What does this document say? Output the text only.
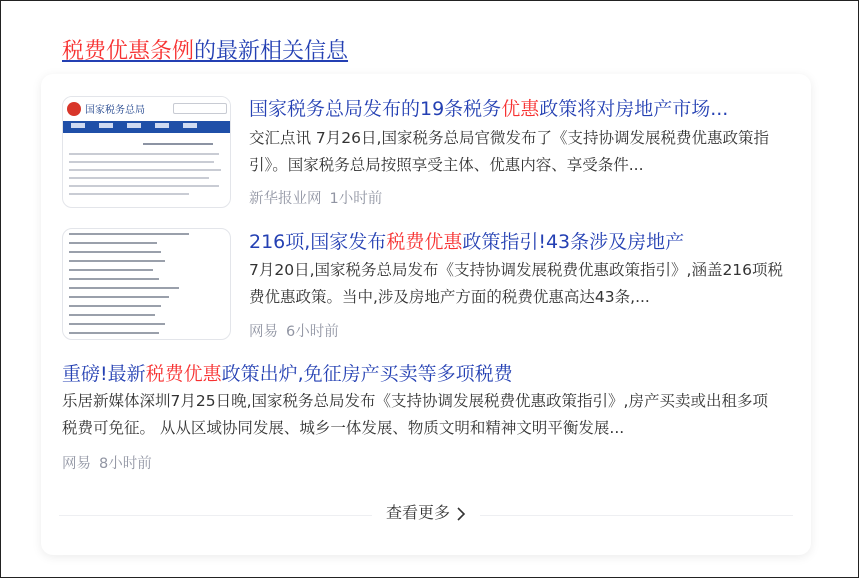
税费优惠条例的最新相关信息
国家税务总局	国家税务总局发布的19条税务优惠政策将对房地产市场...
交汇点讯 7月26日,国家税务总局官微发布了《支持协调发展税费优惠政策指引》。国家税务总局按照享受主体、优惠内容、享受条件...
新华报业网 1小时前
216项,国家发布税费优惠政策指引!43条涉及房地产
7月20日,国家税务总局发布《支持协调发展税费优惠政策指引》,涵盖216项税费优惠政策。当中,涉及房地产方面的税费优惠高达43条,...
网易 6小时前
重磅!最新税费优惠政策出炉,免征房产买卖等多项税费
乐居新媒体深圳7月25日晚,国家税务总局发布《支持协调发展税费优惠政策指引》,房产买卖或出租多项税费可免征。 从从区域协同发展、城乡一体发展、物质文明和精神文明平衡发展...
网易 8小时前
查看更多
